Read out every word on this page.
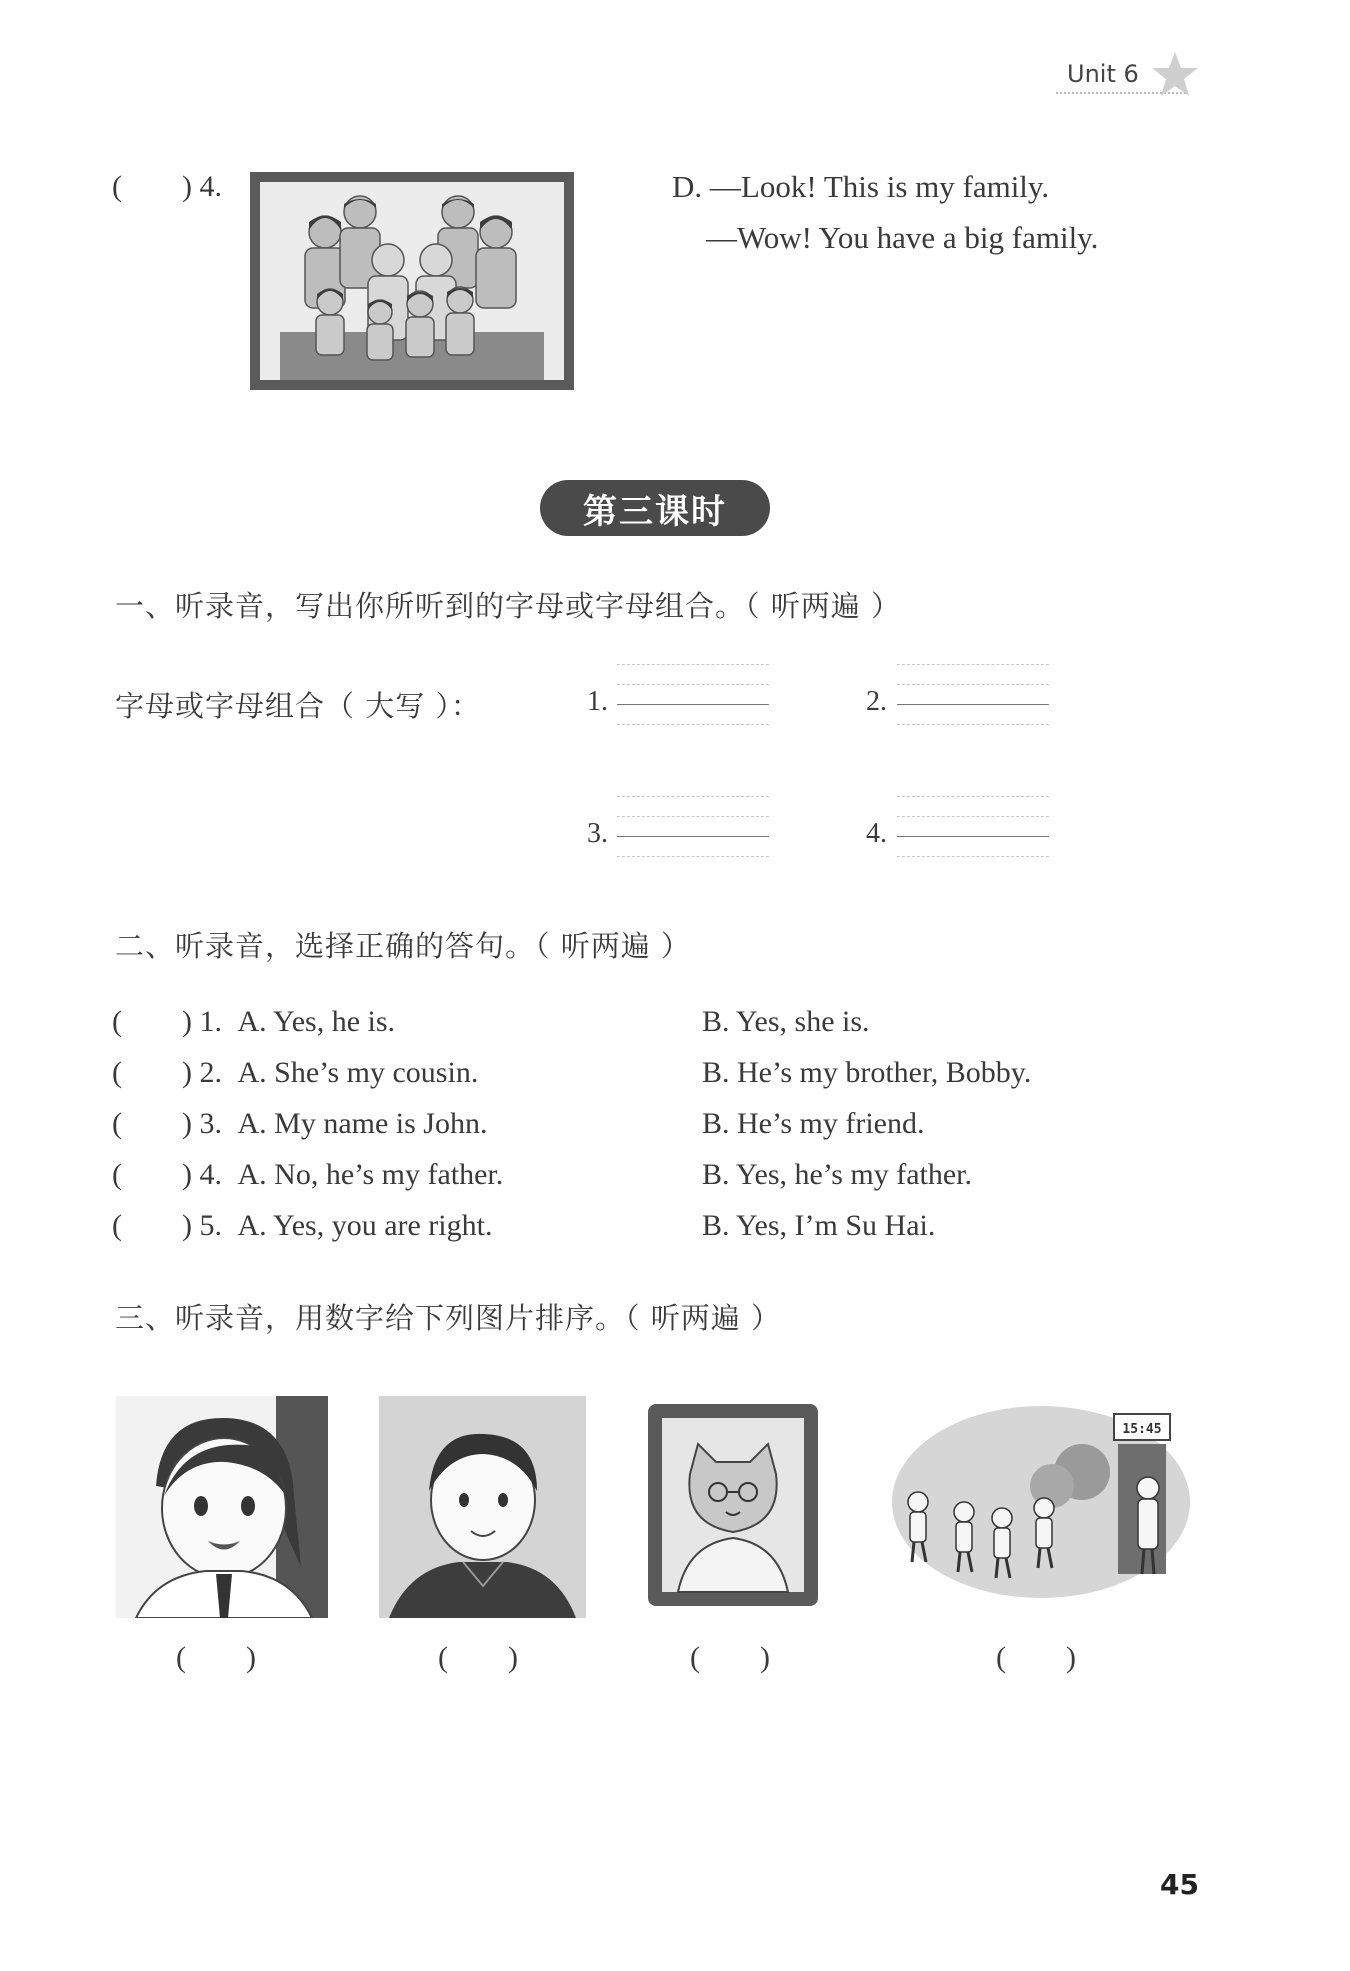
Unit 6
(  ) 4.	D. —Look! This is my family.
—Wow! You have a big family.
第三课时
一、听录音，写出你所听到的字母或字母组合。（ 听两遍 ）
字母或字母组合（ 大写 ）：	1.	2.
3.	4.
二、听录音，选择正确的答句。（ 听两遍 ）
(  ) 1. A. Yes, he is.	B. Yes, she is.
(  ) 2. A. She’s my cousin.	B. He’s my brother, Bobby.
(  ) 3. A. My name is John.	B. He’s my friend.
(  ) 4. A. No, he’s my father.	B. Yes, he’s my father.
(  ) 5. A. Yes, you are right.	B. Yes, I’m Su Hai.
三、听录音，用数字给下列图片排序。（ 听两遍 ）
15:45
(  )	(  )	(  )	(  )
45
